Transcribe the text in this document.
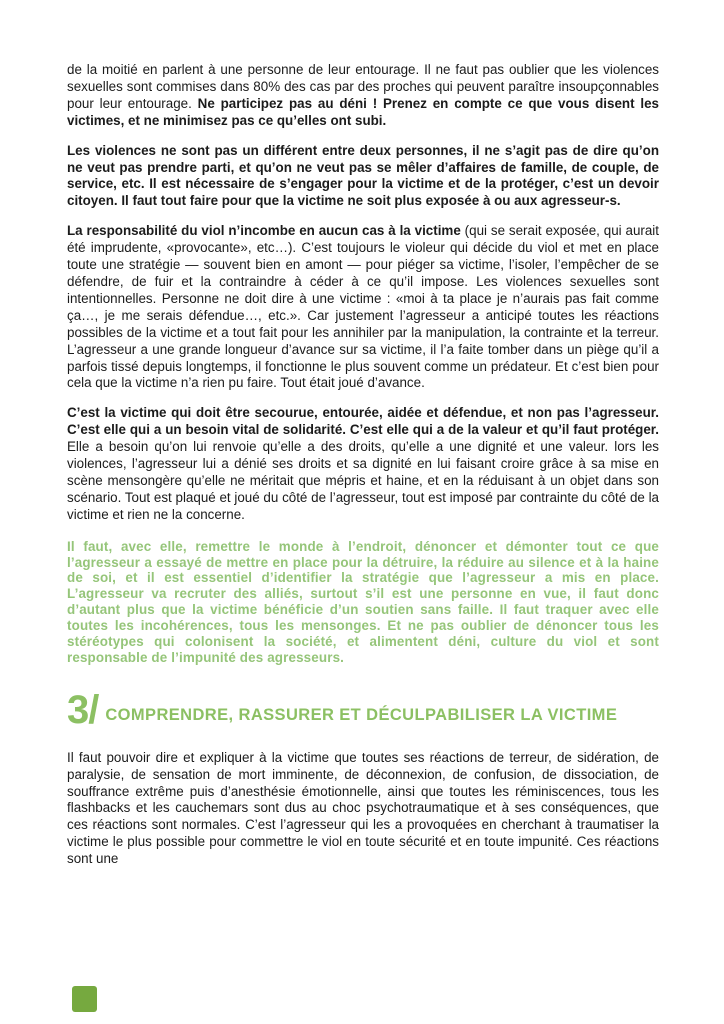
de la moitié en parlent à une personne de leur entourage. Il ne faut pas oublier que les violences sexuelles sont commises dans 80% des cas par des proches qui peuvent paraître insoupçonnables pour leur entourage. Ne participez pas au déni ! Prenez en compte ce que vous disent les victimes, et ne minimisez pas ce qu’elles ont subi.

Les violences ne sont pas un différent entre deux personnes, il ne s’agit pas de dire qu’on ne veut pas prendre parti, et qu’on ne veut pas se mêler d’affaires de famille, de couple, de service, etc. Il est nécessaire de s’engager pour la victime et de la protéger, c’est un devoir citoyen. Il faut tout faire pour que la victime ne soit plus exposée à ou aux agresseur-s.

La responsabilité du viol n’incombe en aucun cas à la victime (qui se serait exposée, qui aurait été imprudente, «provocante», etc…). C’est toujours le violeur qui décide du viol et met en place toute une stratégie — souvent bien en amont — pour piéger sa victime, l’isoler, l’empêcher de se défendre, de fuir et la contraindre à céder à ce qu’il impose. Les violences sexuelles sont intentionnelles. Personne ne doit dire à une victime : «moi à ta place je n’aurais pas fait comme ça…, je me serais défendue…, etc.». Car justement l’agresseur a anticipé toutes les réactions possibles de la victime et a tout fait pour les annihiler par la manipulation, la contrainte et la terreur. L’agresseur a une grande longueur d’avance sur sa victime, il l’a faite tomber dans un piège qu’il a parfois tissé depuis longtemps, il fonctionne le plus souvent comme un prédateur. Et c’est bien pour cela que la victime n’a rien pu faire. Tout était joué d’avance.

C’est la victime qui doit être secourue, entourée, aidée et défendue, et non pas l’agresseur. C’est elle qui a un besoin vital de solidarité. C’est elle qui a de la valeur et qu’il faut protéger. Elle a besoin qu’on lui renvoie qu’elle a des droits, qu’elle a une dignité et une valeur. lors les violences, l’agresseur lui a dénié ses droits et sa dignité en lui faisant croire grâce à sa mise en scène mensongère qu’elle ne méritait que mépris et haine, et en la réduisant à un objet dans son scénario. Tout est plaqué et joué du côté de l’agresseur, tout est imposé par contrainte du côté de la victime et rien ne la concerne.

Il faut, avec elle, remettre le monde à l’endroit, dénoncer et démonter tout ce que l’agresseur a essayé de mettre en place pour la détruire, la réduire au silence et à la haine de soi, et il est essentiel d’identifier la stratégie que l’agresseur a mis en place. L’agresseur va recruter des alliés, surtout s’il est une personne en vue, il faut donc d’autant plus que la victime bénéficie d’un soutien sans faille. Il faut traquer avec elle toutes les incohérences, tous les mensonges. Et ne pas oublier de dénoncer tous les stéréotypes qui colonisent la société, et alimentent déni, culture du viol et sont responsable de l’impunité des agresseurs.

3/ COMPRENDRE, RASSURER ET DÉCULPABILISER LA VICTIME

Il faut pouvoir dire et expliquer à la victime que toutes ses réactions de terreur, de sidération, de paralysie, de sensation de mort imminente, de déconnexion, de confusion, de dissociation, de souffrance extrême puis d’anesthésie émotionnelle, ainsi que toutes les réminiscences, tous les flashbacks et les cauchemars sont dus au choc psychotraumatique et à ses conséquences, que ces réactions sont normales. C’est l’agresseur qui les a provoquées en cherchant à traumatiser la victime le plus possible pour commettre le viol en toute sécurité et en toute impunité. Ces réactions sont une
